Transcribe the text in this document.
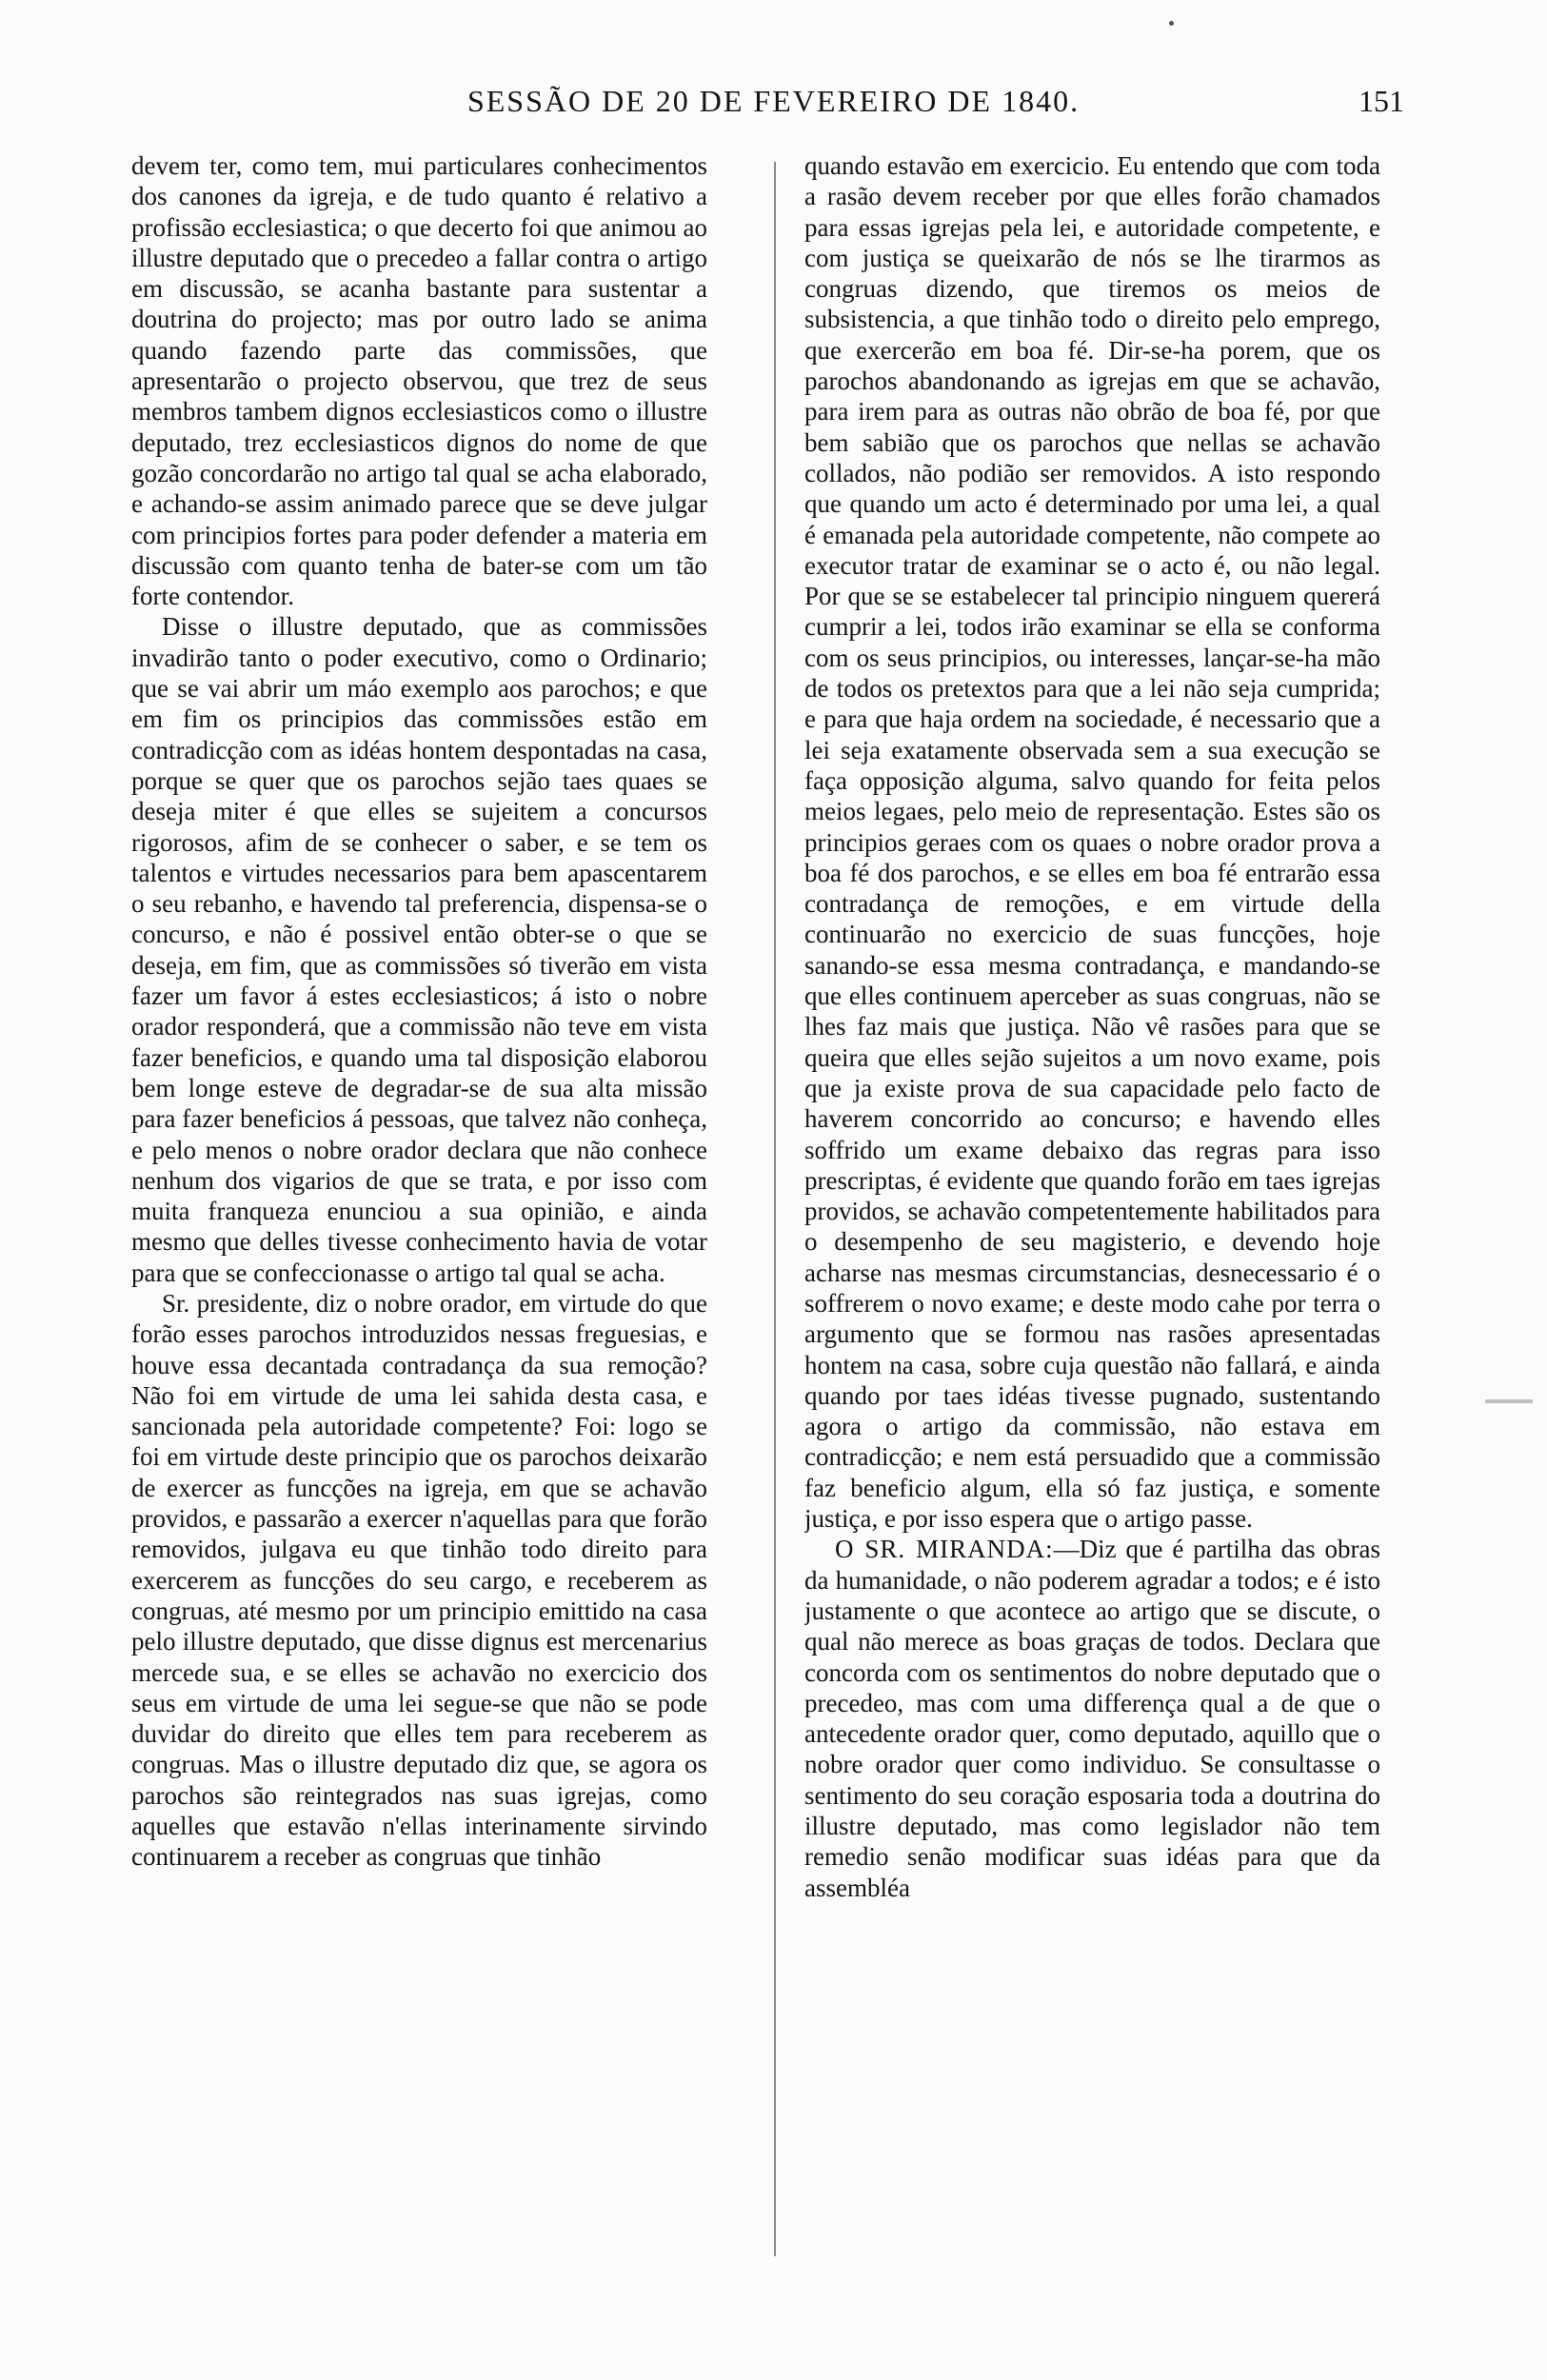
SESSÃO DE 20 DE FEVEREIRO DE 1840.	151

devem ter, como tem, mui particulares conhecimentos dos canones da igreja, e de tudo quanto é relativo a profissão ecclesiastica; o que decerto foi que animou ao illustre deputado que o precedeo a fallar contra o artigo em discussão, se acanha bastante para sustentar a doutrina do projecto; mas por outro lado se anima quando fazendo parte das commissões, que apresentarão o projecto observou, que trez de seus membros tambem dignos ecclesiasticos como o illustre deputado, trez ecclesiasticos dignos do nome de que gozão concordarão no artigo tal qual se acha elaborado, e achando-se assim animado parece que se deve julgar com principios fortes para poder defender a materia em discussão com quanto tenha de bater-se com um tão forte contendor.

Disse o illustre deputado, que as commissões invadirão tanto o poder executivo, como o Ordinario; que se vai abrir um máo exemplo aos parochos; e que em fim os principios das commissões estão em contradicção com as idéas hontem despontadas na casa, porque se quer que os parochos sejão taes quaes se deseja miter é que elles se sujeitem a concursos rigorosos, afim de se conhecer o saber, e se tem os talentos e virtudes necessarios para bem apascentarem o seu rebanho, e havendo tal preferencia, dispensa-se o concurso, e não é possivel então obter-se o que se deseja, em fim, que as commissões só tiverão em vista fazer um favor á estes ecclesiasticos; á isto o nobre orador responderá, que a commissão não teve em vista fazer beneficios, e quando uma tal disposição elaborou bem longe esteve de degradar-se de sua alta missão para fazer beneficios á pessoas, que talvez não conheça, e pelo menos o nobre orador declara que não conhece nenhum dos vigarios de que se trata, e por isso com muita franqueza enunciou a sua opinião, e ainda mesmo que delles tivesse conhecimento havia de votar para que se confeccionasse o artigo tal qual se acha.

Sr. presidente, diz o nobre orador, em virtude do que forão esses parochos introduzidos nessas freguesias, e houve essa decantada contradança da sua remoção? Não foi em virtude de uma lei sahida desta casa, e sancionada pela autoridade competente? Foi: logo se foi em virtude deste principio que os parochos deixarão de exercer as funcções na igreja, em que se achavão providos, e passarão a exercer n'aquellas para que forão removidos, julgava eu que tinhão todo direito para exercerem as funcções do seu cargo, e receberem as congruas, até mesmo por um principio emittido na casa pelo illustre deputado, que disse dignus est mercenarius mercede sua, e se elles se achavão no exercicio dos seus em virtude de uma lei segue-se que não se pode duvidar do direito que elles tem para receberem as congruas. Mas o illustre deputado diz que, se agora os parochos são reintegrados nas suas igrejas, como aquelles que estavão n'ellas interinamente sirvindo continuarem a receber as congruas que tinhão

quando estavão em exercicio. Eu entendo que com toda a rasão devem receber por que elles forão chamados para essas igrejas pela lei, e autoridade competente, e com justiça se queixarão de nós se lhe tirarmos as congruas dizendo, que tiremos os meios de subsistencia, a que tinhão todo o direito pelo emprego, que exercerão em boa fé. Dir-se-ha porem, que os parochos abandonando as igrejas em que se achavão, para irem para as outras não obrão de boa fé, por que bem sabião que os parochos que nellas se achavão collados, não podião ser removidos. A isto respondo que quando um acto é determinado por uma lei, a qual é emanada pela autoridade competente, não compete ao executor tratar de examinar se o acto é, ou não legal. Por que se se estabelecer tal principio ninguem quererá cumprir a lei, todos irão examinar se ella se conforma com os seus principios, ou interesses, lançar-se-ha mão de todos os pretextos para que a lei não seja cumprida; e para que haja ordem na sociedade, é necessario que a lei seja exatamente observada sem a sua execução se faça opposição alguma, salvo quando for feita pelos meios legaes, pelo meio de representação. Estes são os principios geraes com os quaes o nobre orador prova a boa fé dos parochos, e se elles em boa fé entrarão essa contradança de remoções, e em virtude della continuarão no exercicio de suas funcções, hoje sanando-se essa mesma contradança, e mandando-se que elles continuem aperceber as suas congruas, não se lhes faz mais que justiça. Não vê rasões para que se queira que elles sejão sujeitos a um novo exame, pois que ja existe prova de sua capacidade pelo facto de haverem concorrido ao concurso; e havendo elles soffrido um exame debaixo das regras para isso prescriptas, é evidente que quando forão em taes igrejas providos, se achavão competentemente habilitados para o desempenho de seu magisterio, e devendo hoje acharse nas mesmas circumstancias, desnecessario é o soffrerem o novo exame; e deste modo cahe por terra o argumento que se formou nas rasões apresentadas hontem na casa, sobre cuja questão não fallará, e ainda quando por taes idéas tivesse pugnado, sustentando agora o artigo da commissão, não estava em contradicção; e nem está persuadido que a commissão faz beneficio algum, ella só faz justiça, e somente justiça, e por isso espera que o artigo passe.

O SR. MIRANDA:—Diz que é partilha das obras da humanidade, o não poderem agradar a todos; e é isto justamente o que acontece ao artigo que se discute, o qual não merece as boas graças de todos. Declara que concorda com os sentimentos do nobre deputado que o precedeo, mas com uma differença qual a de que o antecedente orador quer, como deputado, aquillo que o nobre orador quer como individuo. Se consultasse o sentimento do seu coração esposaria toda a doutrina do illustre deputado, mas como legislador não tem remedio senão modificar suas idéas para que da assembléa
